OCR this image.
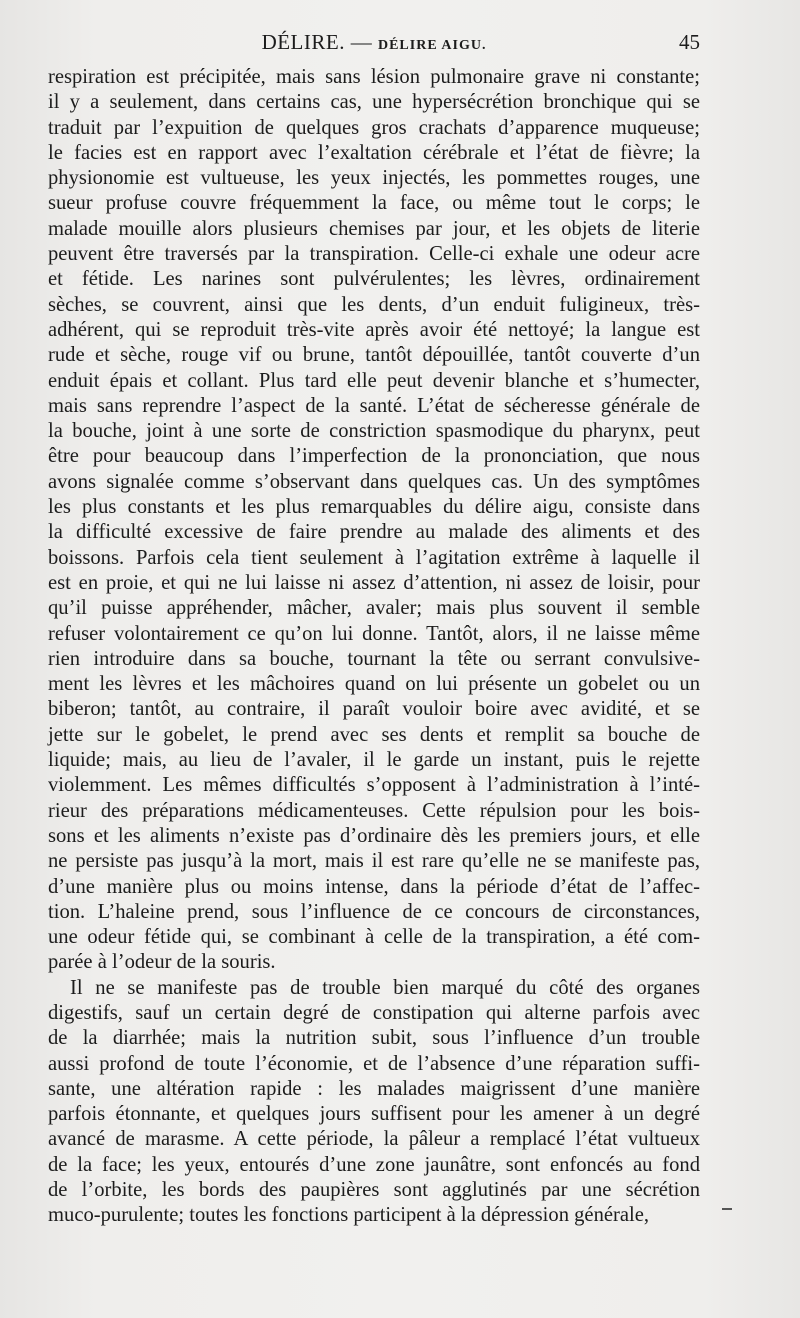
DÉLIRE. — DÉLIRE AIGU.	45
respiration est précipitée, mais sans lésion pulmonaire grave ni constante;
il y a seulement, dans certains cas, une hypersécrétion bronchique qui se
traduit par l’expuition de quelques gros crachats d’apparence muqueuse;
le facies est en rapport avec l’exaltation cérébrale et l’état de fièvre; la
physionomie est vultueuse, les yeux injectés, les pommettes rouges, une
sueur profuse couvre fréquemment la face, ou même tout le corps; le
malade mouille alors plusieurs chemises par jour, et les objets de literie
peuvent être traversés par la transpiration. Celle-ci exhale une odeur acre
et fétide. Les narines sont pulvérulentes; les lèvres, ordinairement
sèches, se couvrent, ainsi que les dents, d’un enduit fuligineux, très-
adhérent, qui se reproduit très-vite après avoir été nettoyé; la langue est
rude et sèche, rouge vif ou brune, tantôt dépouillée, tantôt couverte d’un
enduit épais et collant. Plus tard elle peut devenir blanche et s’humecter,
mais sans reprendre l’aspect de la santé. L’état de sécheresse générale de
la bouche, joint à une sorte de constriction spasmodique du pharynx, peut
être pour beaucoup dans l’imperfection de la prononciation, que nous
avons signalée comme s’observant dans quelques cas. Un des symptômes
les plus constants et les plus remarquables du délire aigu, consiste dans
la difficulté excessive de faire prendre au malade des aliments et des
boissons. Parfois cela tient seulement à l’agitation extrême à laquelle il
est en proie, et qui ne lui laisse ni assez d’attention, ni assez de loisir, pour
qu’il puisse appréhender, mâcher, avaler; mais plus souvent il semble
refuser volontairement ce qu’on lui donne. Tantôt, alors, il ne laisse même
rien introduire dans sa bouche, tournant la tête ou serrant convulsive-
ment les lèvres et les mâchoires quand on lui présente un gobelet ou un
biberon; tantôt, au contraire, il paraît vouloir boire avec avidité, et se
jette sur le gobelet, le prend avec ses dents et remplit sa bouche de
liquide; mais, au lieu de l’avaler, il le garde un instant, puis le rejette
violemment. Les mêmes difficultés s’opposent à l’administration à l’inté-
rieur des préparations médicamenteuses. Cette répulsion pour les bois-
sons et les aliments n’existe pas d’ordinaire dès les premiers jours, et elle
ne persiste pas jusqu’à la mort, mais il est rare qu’elle ne se manifeste pas,
d’une manière plus ou moins intense, dans la période d’état de l’affec-
tion. L’haleine prend, sous l’influence de ce concours de circonstances,
une odeur fétide qui, se combinant à celle de la transpiration, a été com-
parée à l’odeur de la souris.
Il ne se manifeste pas de trouble bien marqué du côté des organes
digestifs, sauf un certain degré de constipation qui alterne parfois avec
de la diarrhée; mais la nutrition subit, sous l’influence d’un trouble
aussi profond de toute l’économie, et de l’absence d’une réparation suffi-
sante, une altération rapide : les malades maigrissent d’une manière
parfois étonnante, et quelques jours suffisent pour les amener à un degré
avancé de marasme. A cette période, la pâleur a remplacé l’état vultueux
de la face; les yeux, entourés d’une zone jaunâtre, sont enfoncés au fond
de l’orbite, les bords des paupières sont agglutinés par une sécrétion
muco-purulente; toutes les fonctions participent à la dépression générale,
